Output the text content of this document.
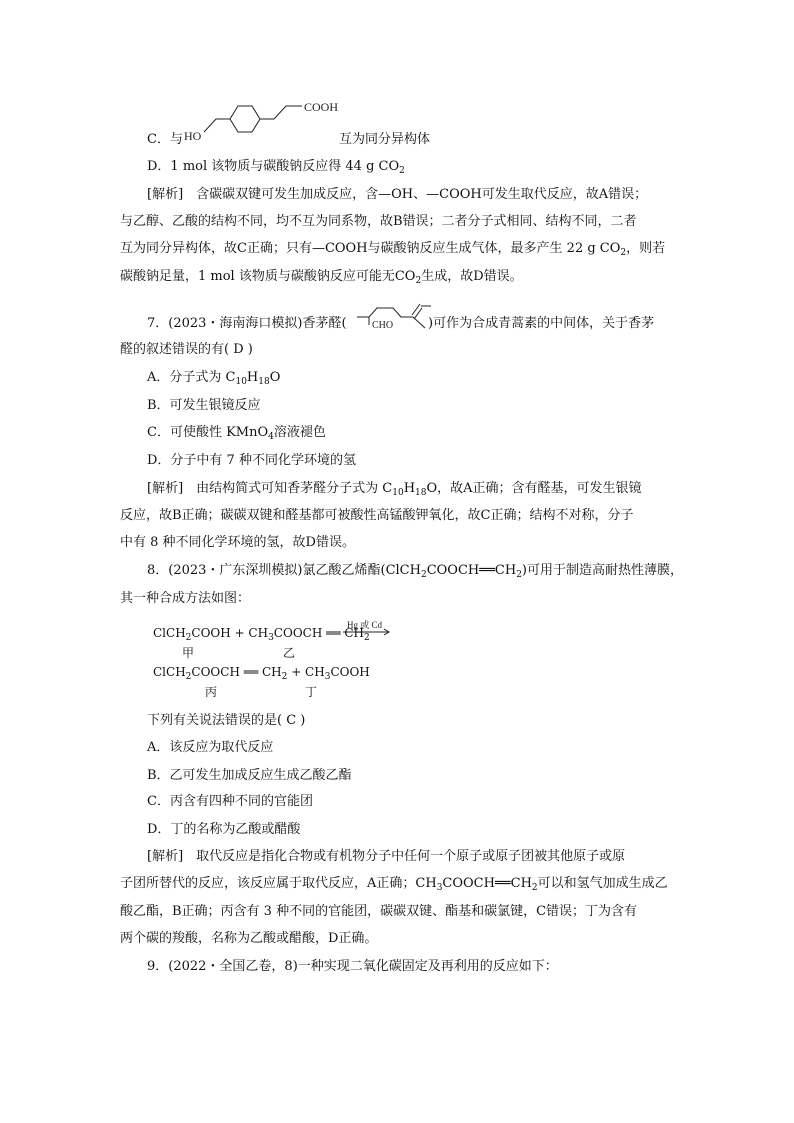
C．与 HO
COOH
互为同分异构体
D．1 mol 该物质与碳酸钠反应得 44 g $CO_2$
[解析]　含碳碳双键可发生加成反应，含—OH、—COOH可发生取代反应，故A错误；
与乙醇、乙酸的结构不同，均不互为同系物，故B错误；二者分子式相同、结构不同，二者
互为同分异构体，故C正确；只有—COOH与碳酸钠反应生成气体，最多产生 22 g $CO_2$，则若
碳酸钠足量，1 mol 该物质与碳酸钠反应可能无$CO_2$生成，故D错误。
7．(2023・海南海口模拟)香茅醛(	CHO	)可作为合成青蒿素的中间体，关于香茅
醛的叙述错误的有( D )
A．分子式为 $C_{10}H_{18}O$
B．可发生银镜反应
C．可使酸性 KMnO$_4$溶液褪色
D．分子中有 7 种不同化学环境的氢
[解析]　由结构简式可知香茅醛分子式为 $C_{10}H_{18}O$，故A正确；含有醛基，可发生银镜
反应，故B正确；碳碳双键和醛基都可被酸性高锰酸钾氧化，故C正确；结构不对称，分子
中有 8 种不同化学环境的氢，故D错误。
8．(2023・广东深圳模拟)氯乙酸乙烯酯$(ClCH_2COOCH══CH_2)$可用于制造高耐热性薄膜，
其一种合成方法如图：
ClCH$_2$COOH + $CH_3COOCH$ ══ $CH_2$
Hg 或 Cd
甲	乙
ClCH$_2$COOCH ══ $CH_2$ + $CH_3COOH$
丙	丁
下列有关说法错误的是( C )
A．该反应为取代反应
B．乙可发生加成反应生成乙酸乙酯
C．丙含有四种不同的官能团
D．丁的名称为乙酸或醋酸
[解析]　取代反应是指化合物或有机物分子中任何一个原子或原子团被其他原子或原
子团所替代的反应，该反应属于取代反应，A正确；$CH_3COOCH══CH_2$可以和氢气加成生成乙
酸乙酯，B正确；丙含有 3 种不同的官能团，碳碳双键、酯基和碳氯键，C错误；丁为含有
两个碳的羧酸，名称为乙酸或醋酸，D正确。
9．(2022・全国乙卷，8)一种实现二氧化碳固定及再利用的反应如下：
